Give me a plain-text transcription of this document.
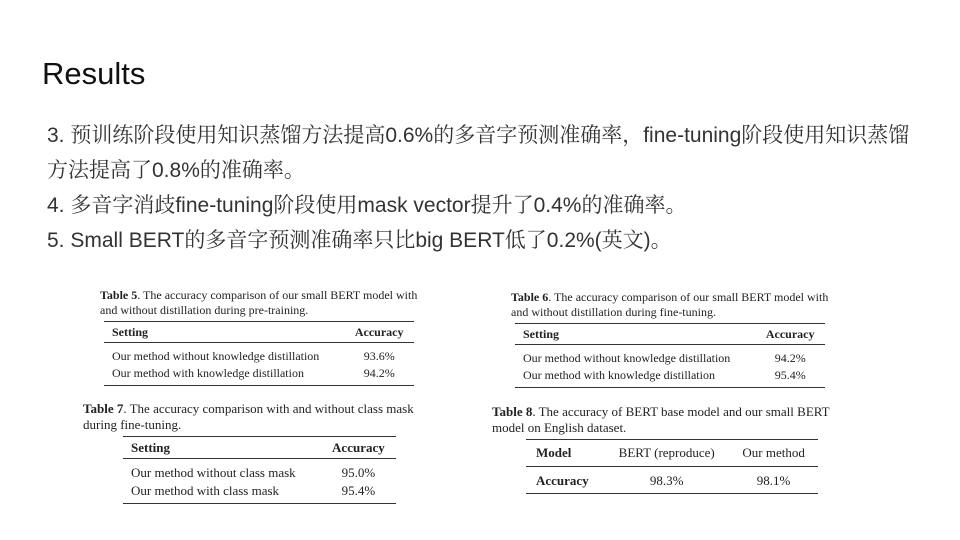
Results

3. 预训练阶段使用知识蒸馏方法提高0.6%的多音字预测准确率，fine-tuning阶段使用知识蒸馏方法提高了0.8%的准确率。

4. 多音字消歧fine-tuning阶段使用mask vector提升了0.4%的准确率。

5. Small BERT的多音字预测准确率只比big BERT低了0.2%(英文)。

Table 5. The accuracy comparison of our small BERT model with and without distillation during pre-training.
Setting	Accuracy
Our method without knowledge distillation	93.6%
Our method with knowledge distillation	94.2%
Table 6. The accuracy comparison of our small BERT model with and without distillation during fine-tuning.
Setting	Accuracy
Our method without knowledge distillation	94.2%
Our method with knowledge distillation	95.4%
Table 7. The accuracy comparison with and without class mask during fine-tuning.
Setting	Accuracy
Our method without class mask	95.0%
Our method with class mask	95.4%
Table 8. The accuracy of BERT base model and our small BERT model on English dataset.
Model	BERT (reproduce)	Our method
Accuracy	98.3%	98.1%
